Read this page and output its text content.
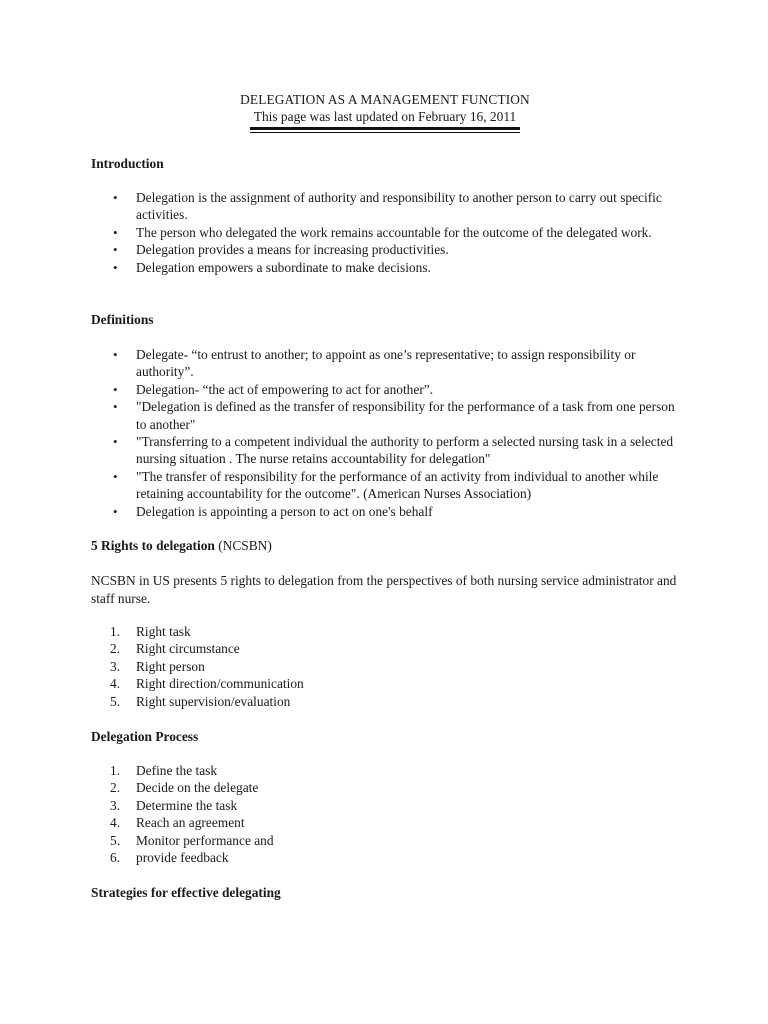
DELEGATION AS A MANAGEMENT FUNCTION
This page was last updated on February 16, 2011
Introduction
• Delegation is the assignment of authority and responsibility to another person to carry out specific activities.
• The person who delegated the work remains accountable for the outcome of the delegated work.
• Delegation provides a means for increasing productivities.
• Delegation empowers a subordinate to make decisions.
Definitions
• Delegate- “to entrust to another; to appoint as one’s representative; to assign responsibility or authority”.
• Delegation- “the act of empowering to act for another”.
• "Delegation is defined as the transfer of responsibility for the performance of a task from one person to another"
• "Transferring to a competent individual the authority to perform a selected nursing task in a selected nursing situation . The nurse retains accountability for delegation"
• "The transfer of responsibility for the performance of an activity from individual to another while retaining accountability for the outcome". (American Nurses Association)
• Delegation is appointing a person to act on one's behalf
5 Rights to delegation (NCSBN)
NCSBN in US presents 5 rights to delegation from the perspectives of both nursing service administrator and staff nurse.
1.	Right task
2.	Right circumstance
3.	Right person
4.	Right direction/communication
5.	Right supervision/evaluation
Delegation Process
1.	Define the task
2.	Decide on the delegate
3.	Determine the task
4.	Reach an agreement
5.	Monitor performance and
6.	provide feedback
Strategies for effective delegating
